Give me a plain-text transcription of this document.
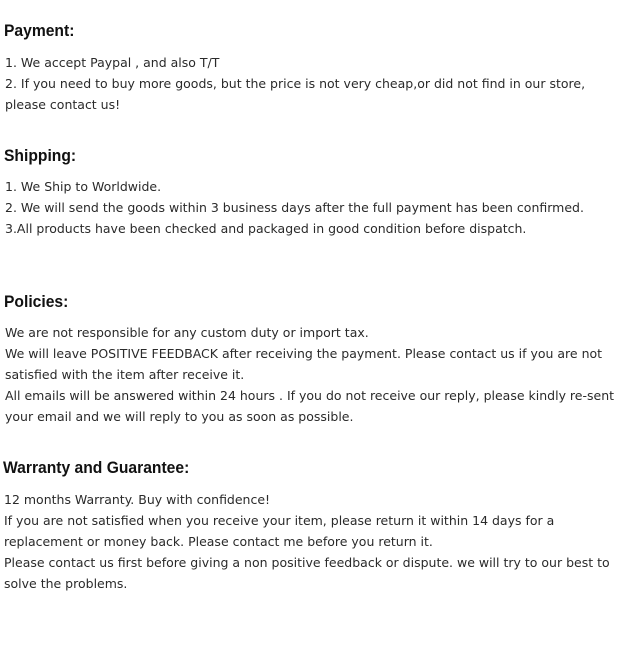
Payment:
1. We accept Paypal , and also T/T
2. If you need to buy more goods, but the price is not very cheap,or did not find in our store, please contact us!
Shipping:
1. We Ship to Worldwide.
2. We will send the goods within 3 business days after the full payment has been confirmed.
3.All products have been checked and packaged in good condition before dispatch.
Policies:
We are not responsible for any custom duty or import tax.
We will leave POSITIVE FEEDBACK after receiving the payment. Please contact us if you are not satisfied with the item after receive it.
All emails will be answered within 24 hours . If you do not receive our reply, please kindly re-sent your email and we will reply to you as soon as possible.
Warranty and Guarantee:
12 months Warranty. Buy with confidence!
If you are not satisfied when you receive your item, please return it within 14 days for a replacement or money back. Please contact me before you return it.
Please contact us first before giving a non positive feedback or dispute. we will try to our best to solve the problems.
